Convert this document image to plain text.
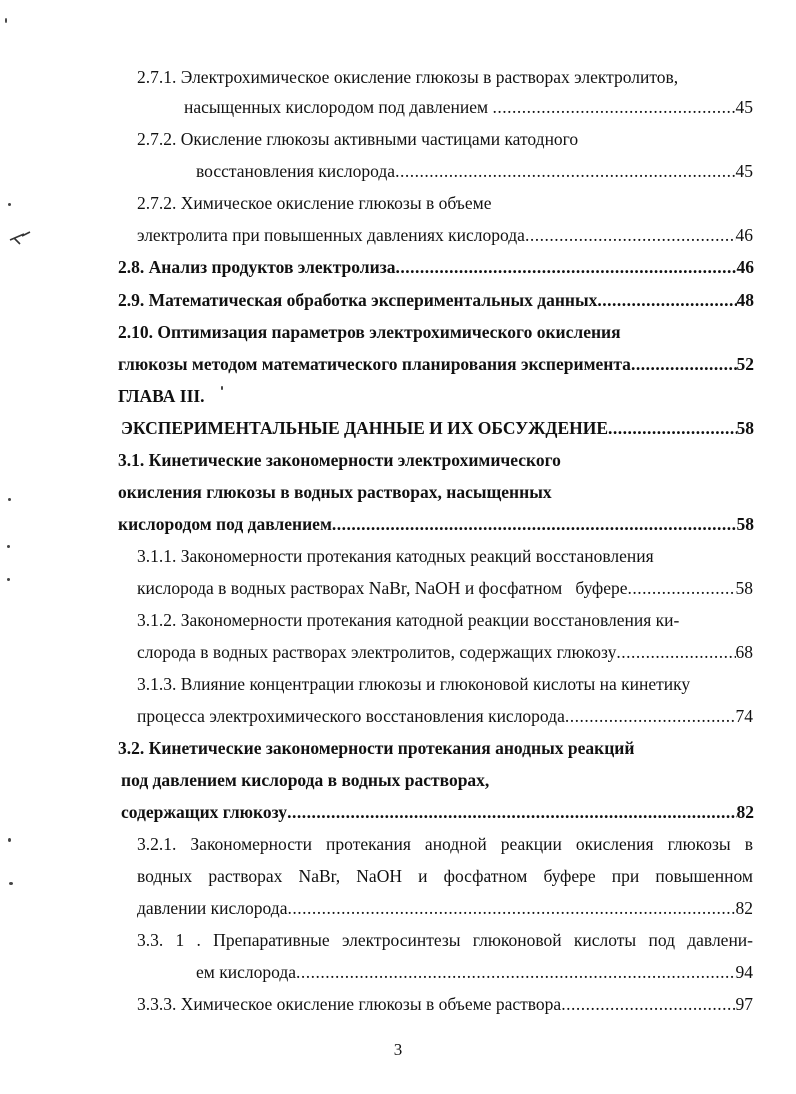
2.7.1. Электрохимическое окисление глюкозы в растворах электролитов,
насыщенных кислородом под давлением .....	45
2.7.2. Окисление глюкозы активными частицами катодного
восстановления кислорода .....	45
2.7.2. Химическое окисление глюкозы в объеме
электролита при повышенных давлениях кислорода .....	46
2.8. Анализ продуктов электролиза .....	46
2.9. Математическая обработка экспериментальных данных .....	48
2.10. Оптимизация параметров электрохимического окисления
глюкозы методом математического планирования эксперимента .....	52
ГЛАВА III.
ЭКСПЕРИМЕНТАЛЬНЫЕ ДАННЫЕ И ИХ ОБСУЖДЕНИЕ .....	58
3.1. Кинетические закономерности электрохимического
окисления глюкозы в водных растворах, насыщенных
кислородом под давлением .....	58
3.1.1. Закономерности протекания катодных реакций восстановления
кислорода в водных растворах NaBr, NaOH и фосфатном   буфере .....	58
3.1.2. Закономерности протекания катодной реакции восстановления ки-
слорода в водных растворах электролитов, содержащих глюкозу .....	68
3.1.3. Влияние концентрации глюкозы и глюконовой кислоты на кинетику
процесса электрохимического восстановления кислорода .....	74
3.2. Кинетические закономерности протекания анодных реакций
под давлением кислорода в водных растворах,
содержащих глюкозу .....	82
3.2.1. Закономерности протекания анодной реакции окисления глюкозы в
водных растворах NaBr, NaOH и фосфатном буфере при повышенном
давлении кислорода .....	82
3.3. 1 . Препаративные электросинтезы глюконовой кислоты под давлени-
ем кислорода .....	94
3.3.3. Химическое окисление глюкозы в объеме раствора .....	97
3
